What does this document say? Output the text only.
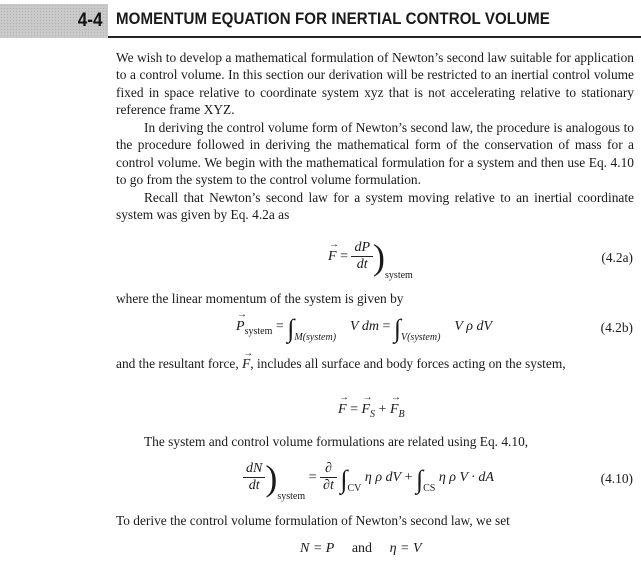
4-4 MOMENTUM EQUATION FOR INERTIAL CONTROL VOLUME

We wish to develop a mathematical formulation of Newton’s second law suitable for application to a control volume. In this section our derivation will be restricted to an inertial control volume fixed in space relative to coordinate system xyz that is not accelerating relative to stationary reference frame XYZ.

In deriving the control volume form of Newton’s second law, the procedure is analogous to the procedure followed in deriving the mathematical form of the conservation of mass for a control volume. We begin with the mathematical formulation for a system and then use Eq. 4.10 to go from the system to the control volume formulation.

Recall that Newton’s second law for a system moving relative to an inertial coordinate system was given by Eq. 4.2a as

→ $F = \frac{dP}{dt} )_{system}$
(4.2a)

where the linear momentum of the system is given by

→ $P_{system} = \int_{M(system)}$    V dm = $\int_{V(system)}$    V ρ dV	(4.2b)

and the resultant force, → F, includes all surface and body forces acting on the system,

→ F = → $F_S$ + → $F_B$

The system and control volume formulations are related using Eq. 4.10,

$\frac{dN}{dt} )_{system} = \frac{\partial}{\partial t} \int_{CV}$ η ρ dV + $\int_{CS}$ η ρ V · dA	(4.10)

To derive the control volume formulation of Newton’s second law, we set

N = P and η = V
